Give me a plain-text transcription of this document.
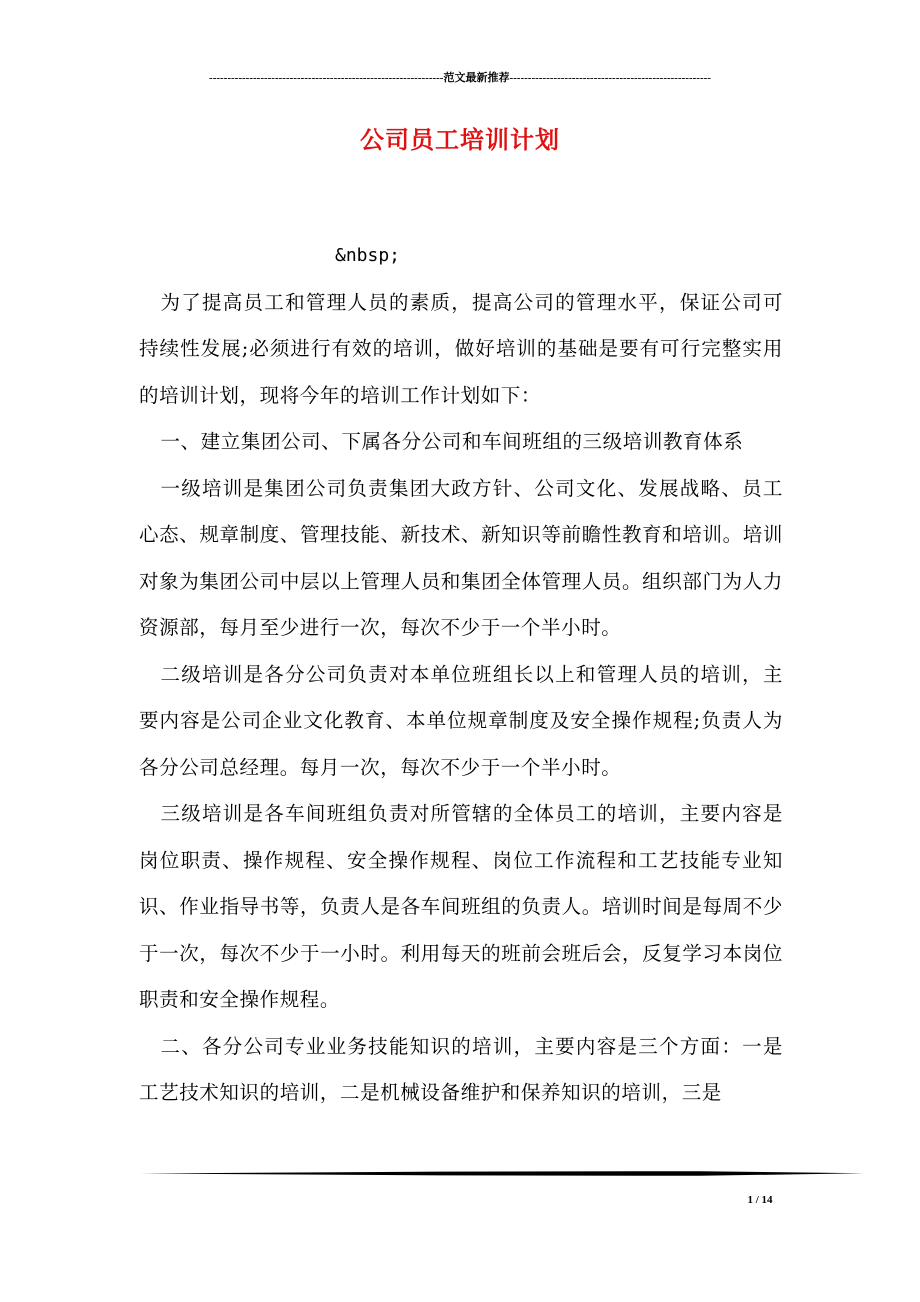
----------------------------------------------------------------范文最新推荐-------------------------------------------------------
公司员工培训计划

&nbsp;

为了提高员工和管理人员的素质，提高公司的管理水平，保证公司可持续性发展;必须进行有效的培训，做好培训的基础是要有可行完整实用的培训计划，现将今年的培训工作计划如下：

一、建立集团公司、下属各分公司和车间班组的三级培训教育体系

一级培训是集团公司负责集团大政方针、公司文化、发展战略、员工心态、规章制度、管理技能、新技术、新知识等前瞻性教育和培训。培训对象为集团公司中层以上管理人员和集团全体管理人员。组织部门为人力资源部，每月至少进行一次，每次不少于一个半小时。

二级培训是各分公司负责对本单位班组长以上和管理人员的培训，主要内容是公司企业文化教育、本单位规章制度及安全操作规程;负责人为各分公司总经理。每月一次，每次不少于一个半小时。

三级培训是各车间班组负责对所管辖的全体员工的培训，主要内容是岗位职责、操作规程、安全操作规程、岗位工作流程和工艺技能专业知识、作业指导书等，负责人是各车间班组的负责人。培训时间是每周不少于一次，每次不少于一小时。利用每天的班前会班后会，反复学习本岗位职责和安全操作规程。

二、各分公司专业业务技能知识的培训，主要内容是三个方面：一是工艺技术知识的培训，二是机械设备维护和保养知识的培训，三是

1 / 14
